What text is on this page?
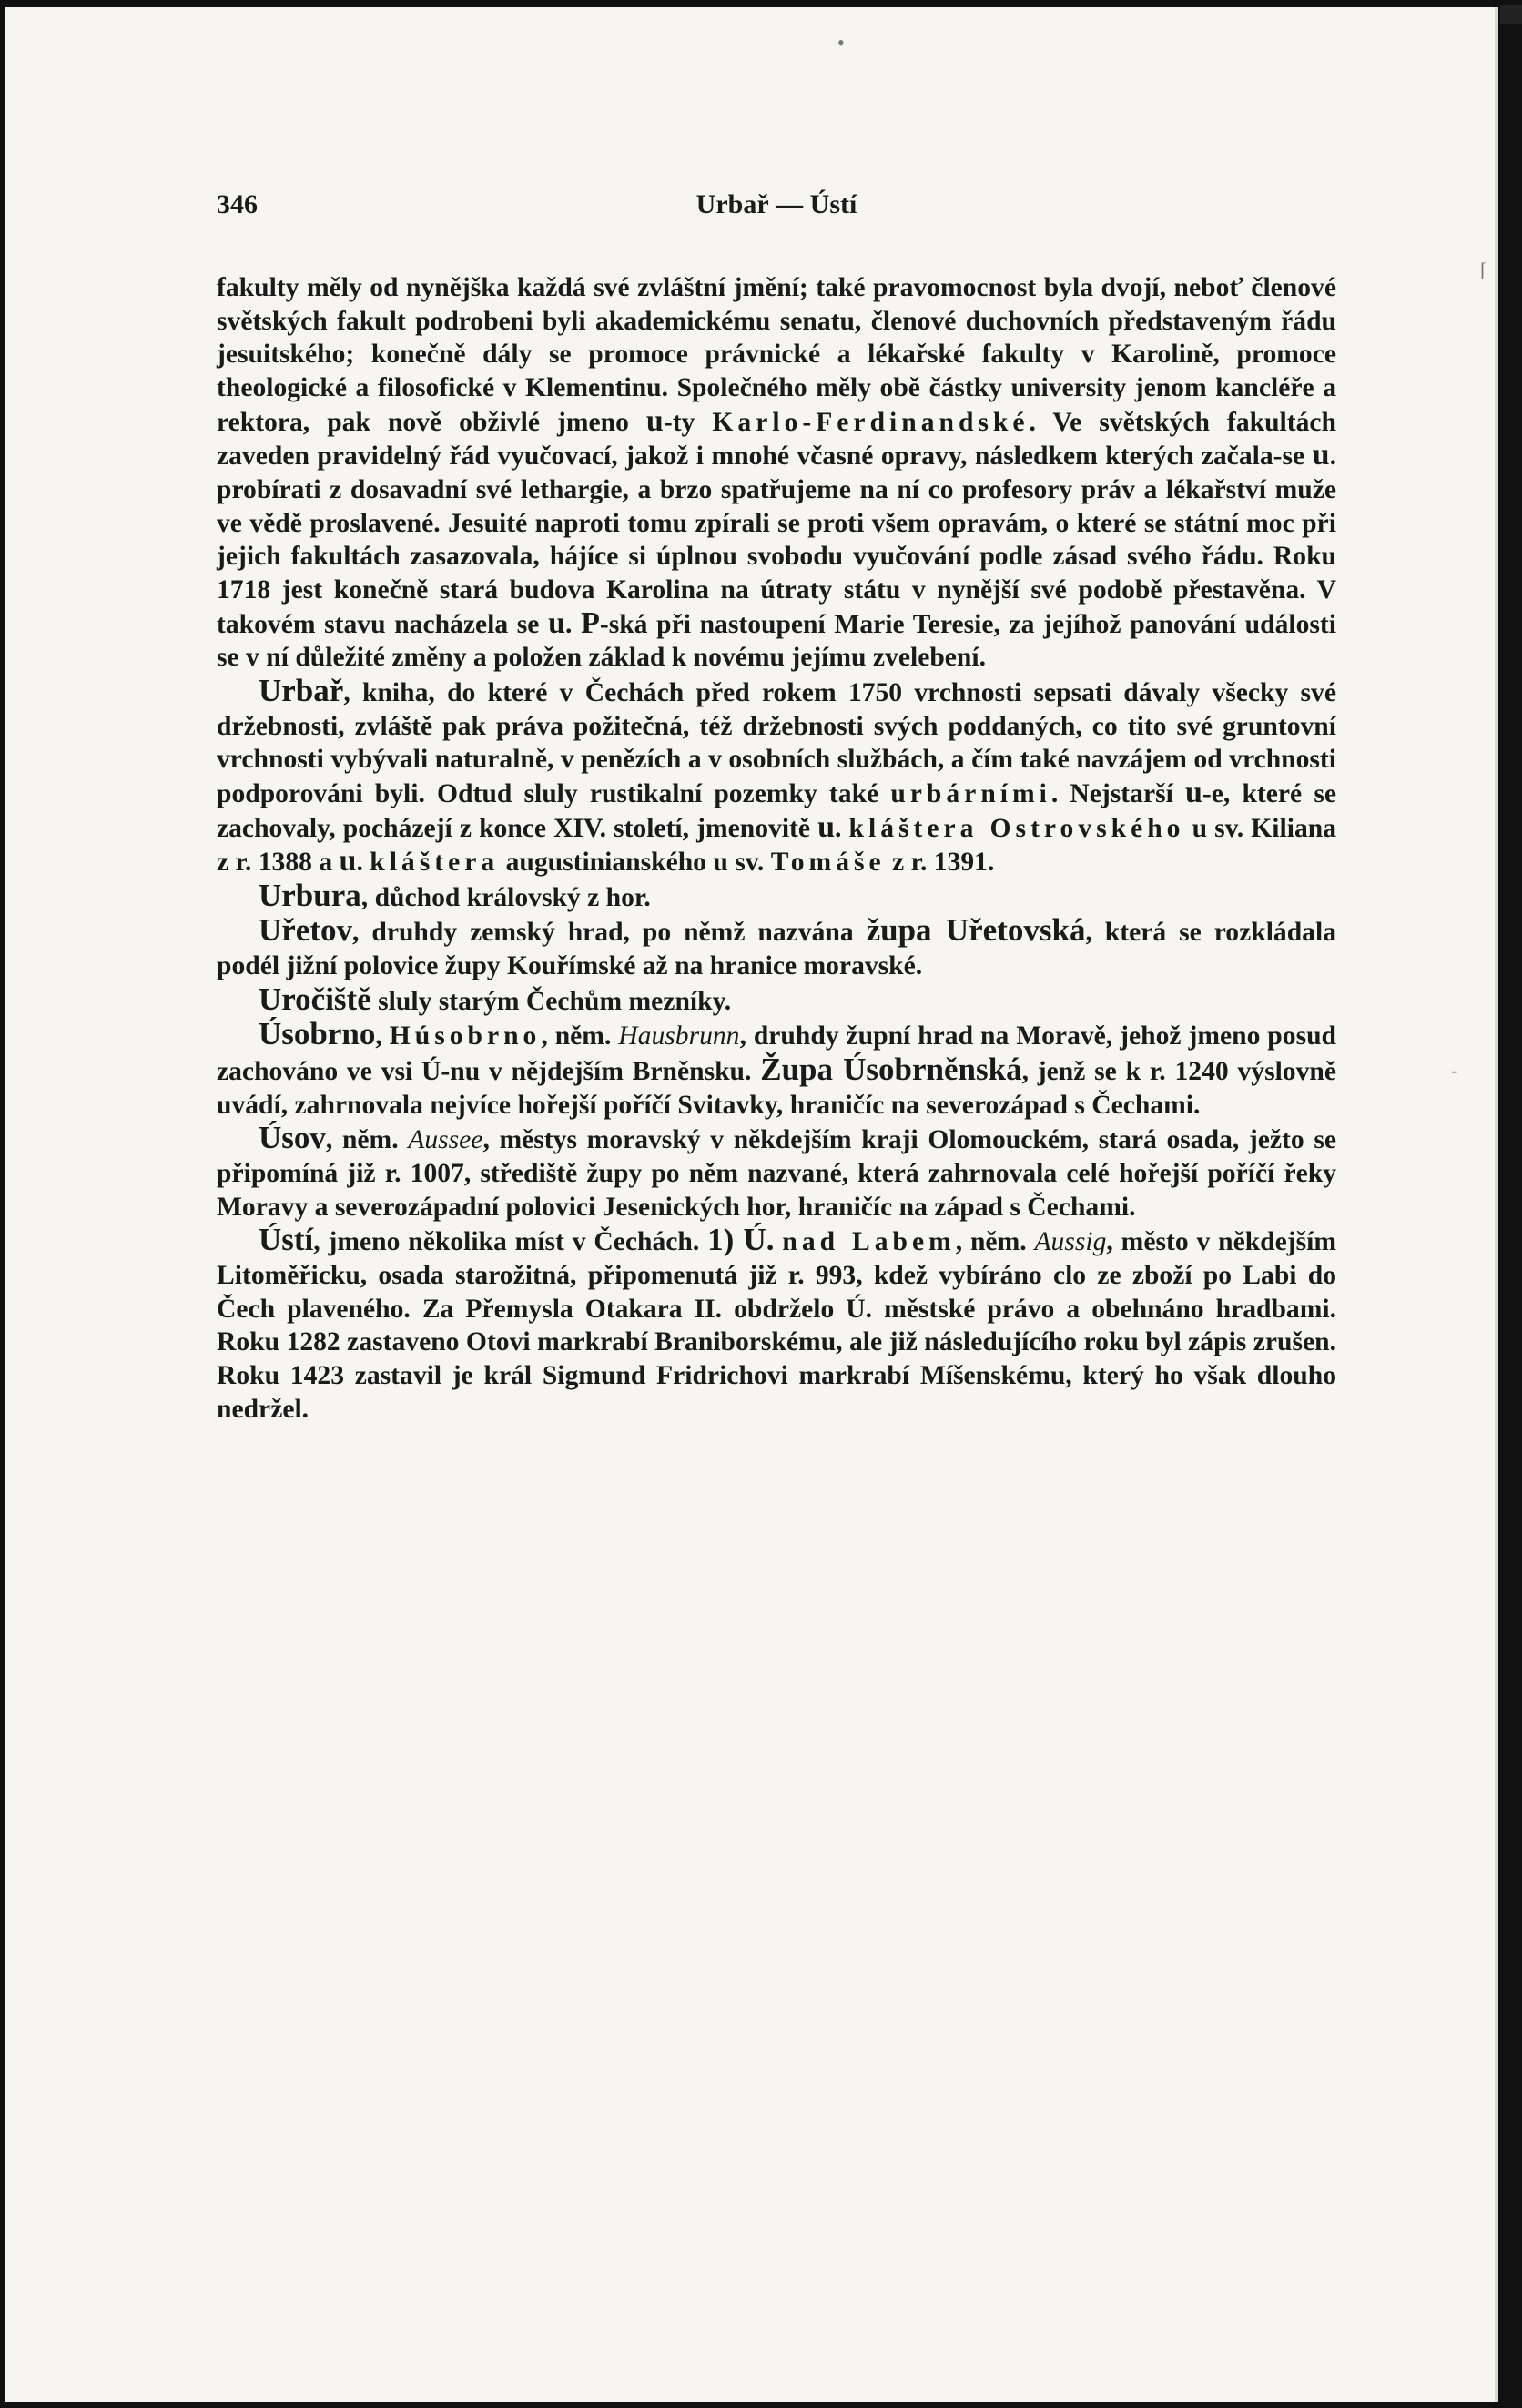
•
[
-
346	Urbař — Ústí

fakulty měly od nynějška každá své zvláštní jmění; také pravomocnost byla dvojí, neboť členové světských fakult podrobeni byli akademickému senatu, členové duchovních představeným řádu jesuitského; konečně dály se promoce právnické a lékařské fakulty v Karolině, promoce theologické a filosofické v Klementinu. Společného měly obě částky university jenom kancléře a rektora, pak nově obživlé jmeno u-ty Karlo-Ferdinandské. Ve světských fakultách zaveden pravidelný řád vyučovací, jakož i mnohé včasné opravy, následkem kterých začala-se u. probírati z dosavadní své lethargie, a brzo spatřujeme na ní co profesory práv a lékařství muže ve vědě proslavené. Jesuité naproti tomu zpírali se proti všem opravám, o které se státní moc při jejich fakultách zasazovala, hájíce si úplnou svobodu vyučování podle zásad svého řádu. Roku 1718 jest konečně stará budova Karolina na útraty státu v nynější své podobě přestavěna. V takovém stavu nacházela se u. P-ská při nastoupení Marie Teresie, za jejíhož panování události se v ní důležité změny a položen základ k novému jejímu zvelebení.

Urbař, kniha, do které v Čechách před rokem 1750 vrchnosti sepsati dávaly všecky své držebnosti, zvláště pak práva požitečná, též držebnosti svých poddaných, co tito své gruntovní vrchnosti vybývali naturalně, v penězích a v osobních službách, a čím také navzájem od vrchnosti podporováni byli. Odtud sluly rustikalní pozemky také urbárními. Nejstarší u-e, které se zachovaly, pocházejí z konce XIV. století, jmenovitě u. kláštera Ostrovského u sv. Kiliana z r. 1388 a u. kláštera augustinianského u sv. Tomáše z r. 1391.

Urbura, důchod královský z hor.

Uřetov, druhdy zemský hrad, po němž nazvána župa Uřetovská, která se rozkládala podél jižní polovice župy Kouřímské až na hranice moravské.

Uročiště sluly starým Čechům mezníky.

Úsobrno, Húsobrno, něm. Hausbrunn, druhdy župní hrad na Moravě, jehož jmeno posud zachováno ve vsi Ú-nu v nějdejším Brněnsku. Župa Úsobrněnská, jenž se k r. 1240 výslovně uvádí, zahrnovala nejvíce hořejší poříčí Svitavky, hraničíc na severozápad s Čechami.

Úsov, něm. Aussee, městys moravský v někdejším kraji Olomouckém, stará osada, ježto se připomíná již r. 1007, střediště župy po něm nazvané, která zahrnovala celé hořejší poříčí řeky Moravy a severozápadní polovici Jesenických hor, hraničíc na západ s Čechami.

Ústí, jmeno několika míst v Čechách. 1) Ú. nad Labem, něm. Aussig, město v někdejším Litoměřicku, osada starožitná, připomenutá již r. 993, kdež vybíráno clo ze zboží po Labi do Čech plaveného. Za Přemysla Otakara II. obdrželo Ú. městské právo a obehnáno hradbami. Roku 1282 zastaveno Otovi markrabí Braniborskému, ale již následujícího roku byl zápis zrušen. Roku 1423 zastavil je král Sigmund Fridrichovi markrabí Míšenskému, který ho však dlouho nedržel.
